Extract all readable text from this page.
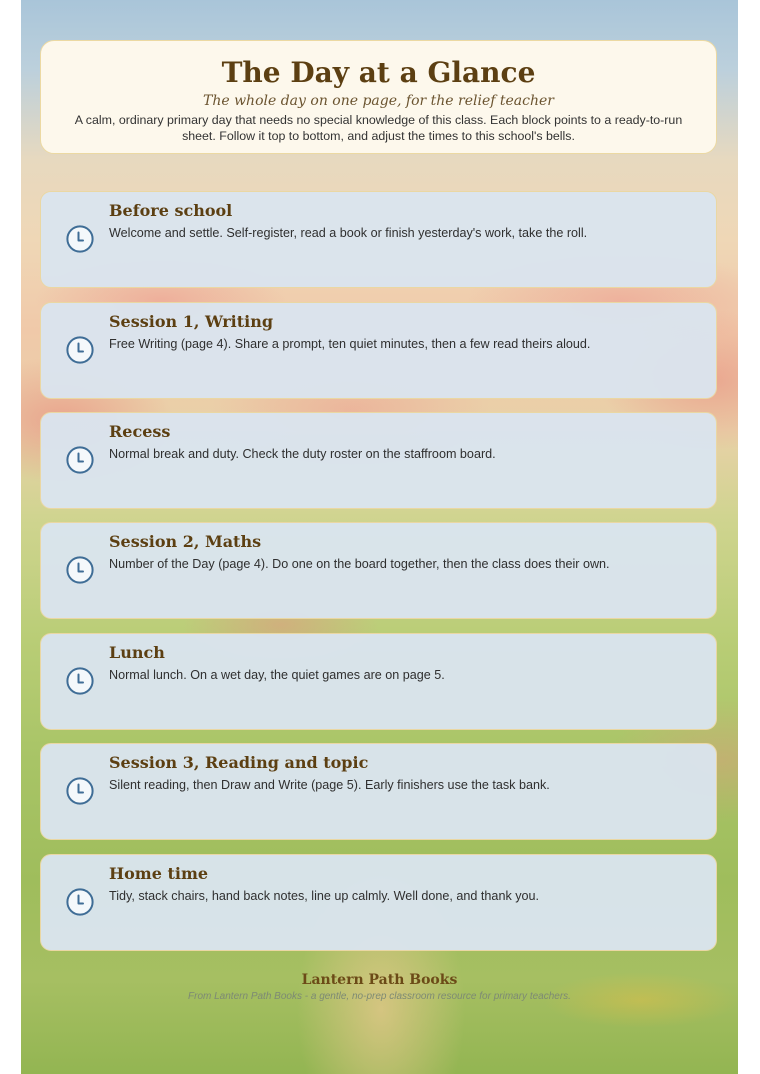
The Day at a Glance

The whole day on one page, for the relief teacher

A calm, ordinary primary day that needs no special knowledge of this class. Each block points to a ready-to-run sheet. Follow it top to bottom, and adjust the times to this school's bells.

Before school

Welcome and settle. Self-register, read a book or finish yesterday's work, take the roll.

Session 1, Writing

Free Writing (page 4). Share a prompt, ten quiet minutes, then a few read theirs aloud.

Recess

Normal break and duty. Check the duty roster on the staffroom board.

Session 2, Maths

Number of the Day (page 4). Do one on the board together, then the class does their own.

Lunch

Normal lunch. On a wet day, the quiet games are on page 5.

Session 3, Reading and topic

Silent reading, then Draw and Write (page 5). Early finishers use the task bank.

Home time

Tidy, stack chairs, hand back notes, line up calmly. Well done, and thank you.

Lantern Path Books

From Lantern Path Books - a gentle, no-prep classroom resource for primary teachers.
